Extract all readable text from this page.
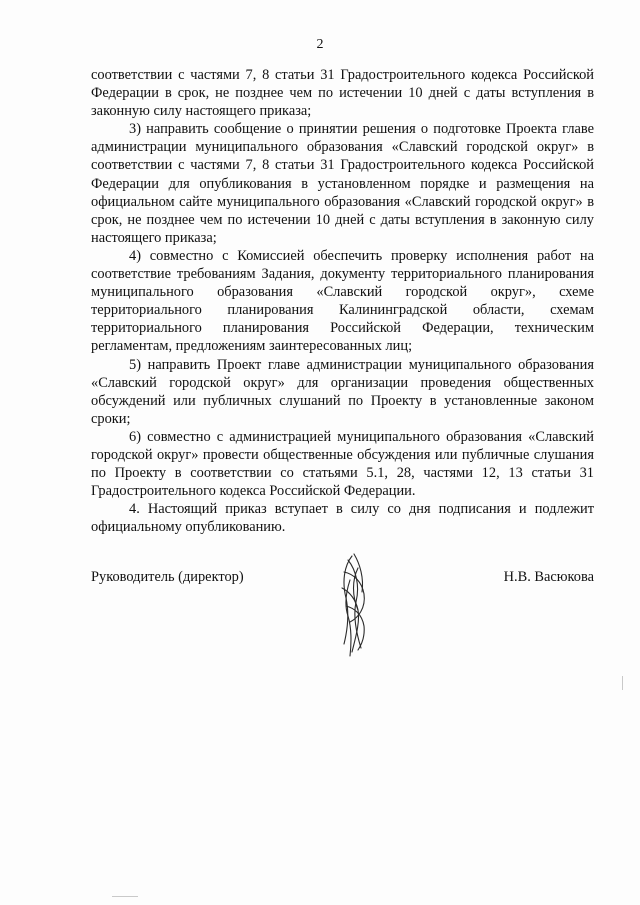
2

соответствии с частями 7, 8 статьи 31 Градостроительного кодекса Российской Федерации в срок, не позднее чем по истечении 10 дней с даты вступления в законную силу настоящего приказа;

3) направить сообщение о принятии решения о подготовке Проекта главе администрации муниципального образования «Славский городской округ» в соответствии с частями 7, 8 статьи 31 Градостроительного кодекса Российской Федерации для опубликования в установленном порядке и размещения на официальном сайте муниципального образования «Славский городской округ» в срок, не позднее чем по истечении 10 дней с даты вступления в законную силу настоящего приказа;

4) совместно с Комиссией обеспечить проверку исполнения работ на соответствие требованиям Задания, документу территориального планирования муниципального образования «Славский городской округ», схеме территориального планирования Калининградской области, схемам территориального планирования Российской Федерации, техническим регламентам, предложениям заинтересованных лиц;

5) направить Проект главе администрации муниципального образования «Славский городской округ» для организации проведения общественных обсуждений или публичных слушаний по Проекту в установленные законом сроки;

6) совместно с администрацией муниципального образования «Славский городской округ» провести общественные обсуждения или публичные слушания по Проекту в соответствии со статьями 5.1, 28, частями 12, 13 статьи 31 Градостроительного кодекса Российской Федерации.

4. Настоящий приказ вступает в силу со дня подписания и подлежит официальному опубликованию.

Руководитель (директор)	Н.В. Васюкова
